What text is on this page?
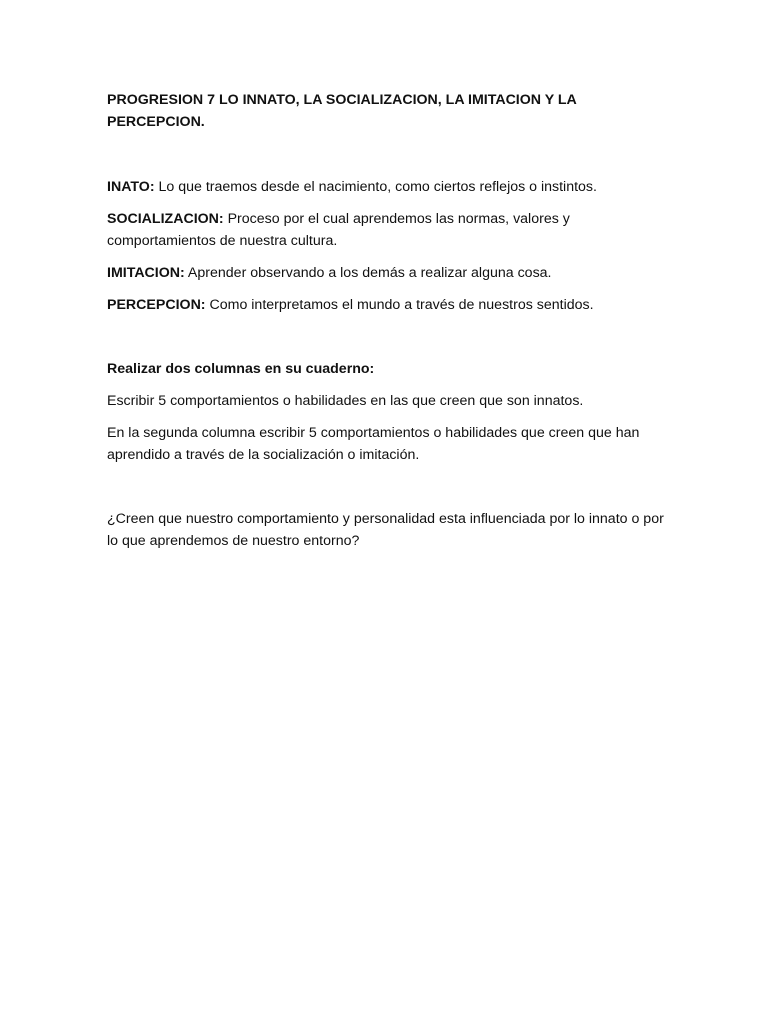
PROGRESION 7 LO INNATO, LA SOCIALIZACION, LA IMITACION Y LA PERCEPCION.

INATO: Lo que traemos desde el nacimiento, como ciertos reflejos o instintos.

SOCIALIZACION: Proceso por el cual aprendemos las normas, valores y comportamientos de nuestra cultura.

IMITACION: Aprender observando a los demás a realizar alguna cosa.

PERCEPCION: Como interpretamos el mundo a través de nuestros sentidos.

Realizar dos columnas en su cuaderno:

Escribir 5 comportamientos o habilidades en las que creen que son innatos.

En la segunda columna escribir 5 comportamientos o habilidades que creen que han aprendido a través de la socialización o imitación.

¿Creen que nuestro comportamiento y personalidad esta influenciada por lo innato o por lo que aprendemos de nuestro entorno?
